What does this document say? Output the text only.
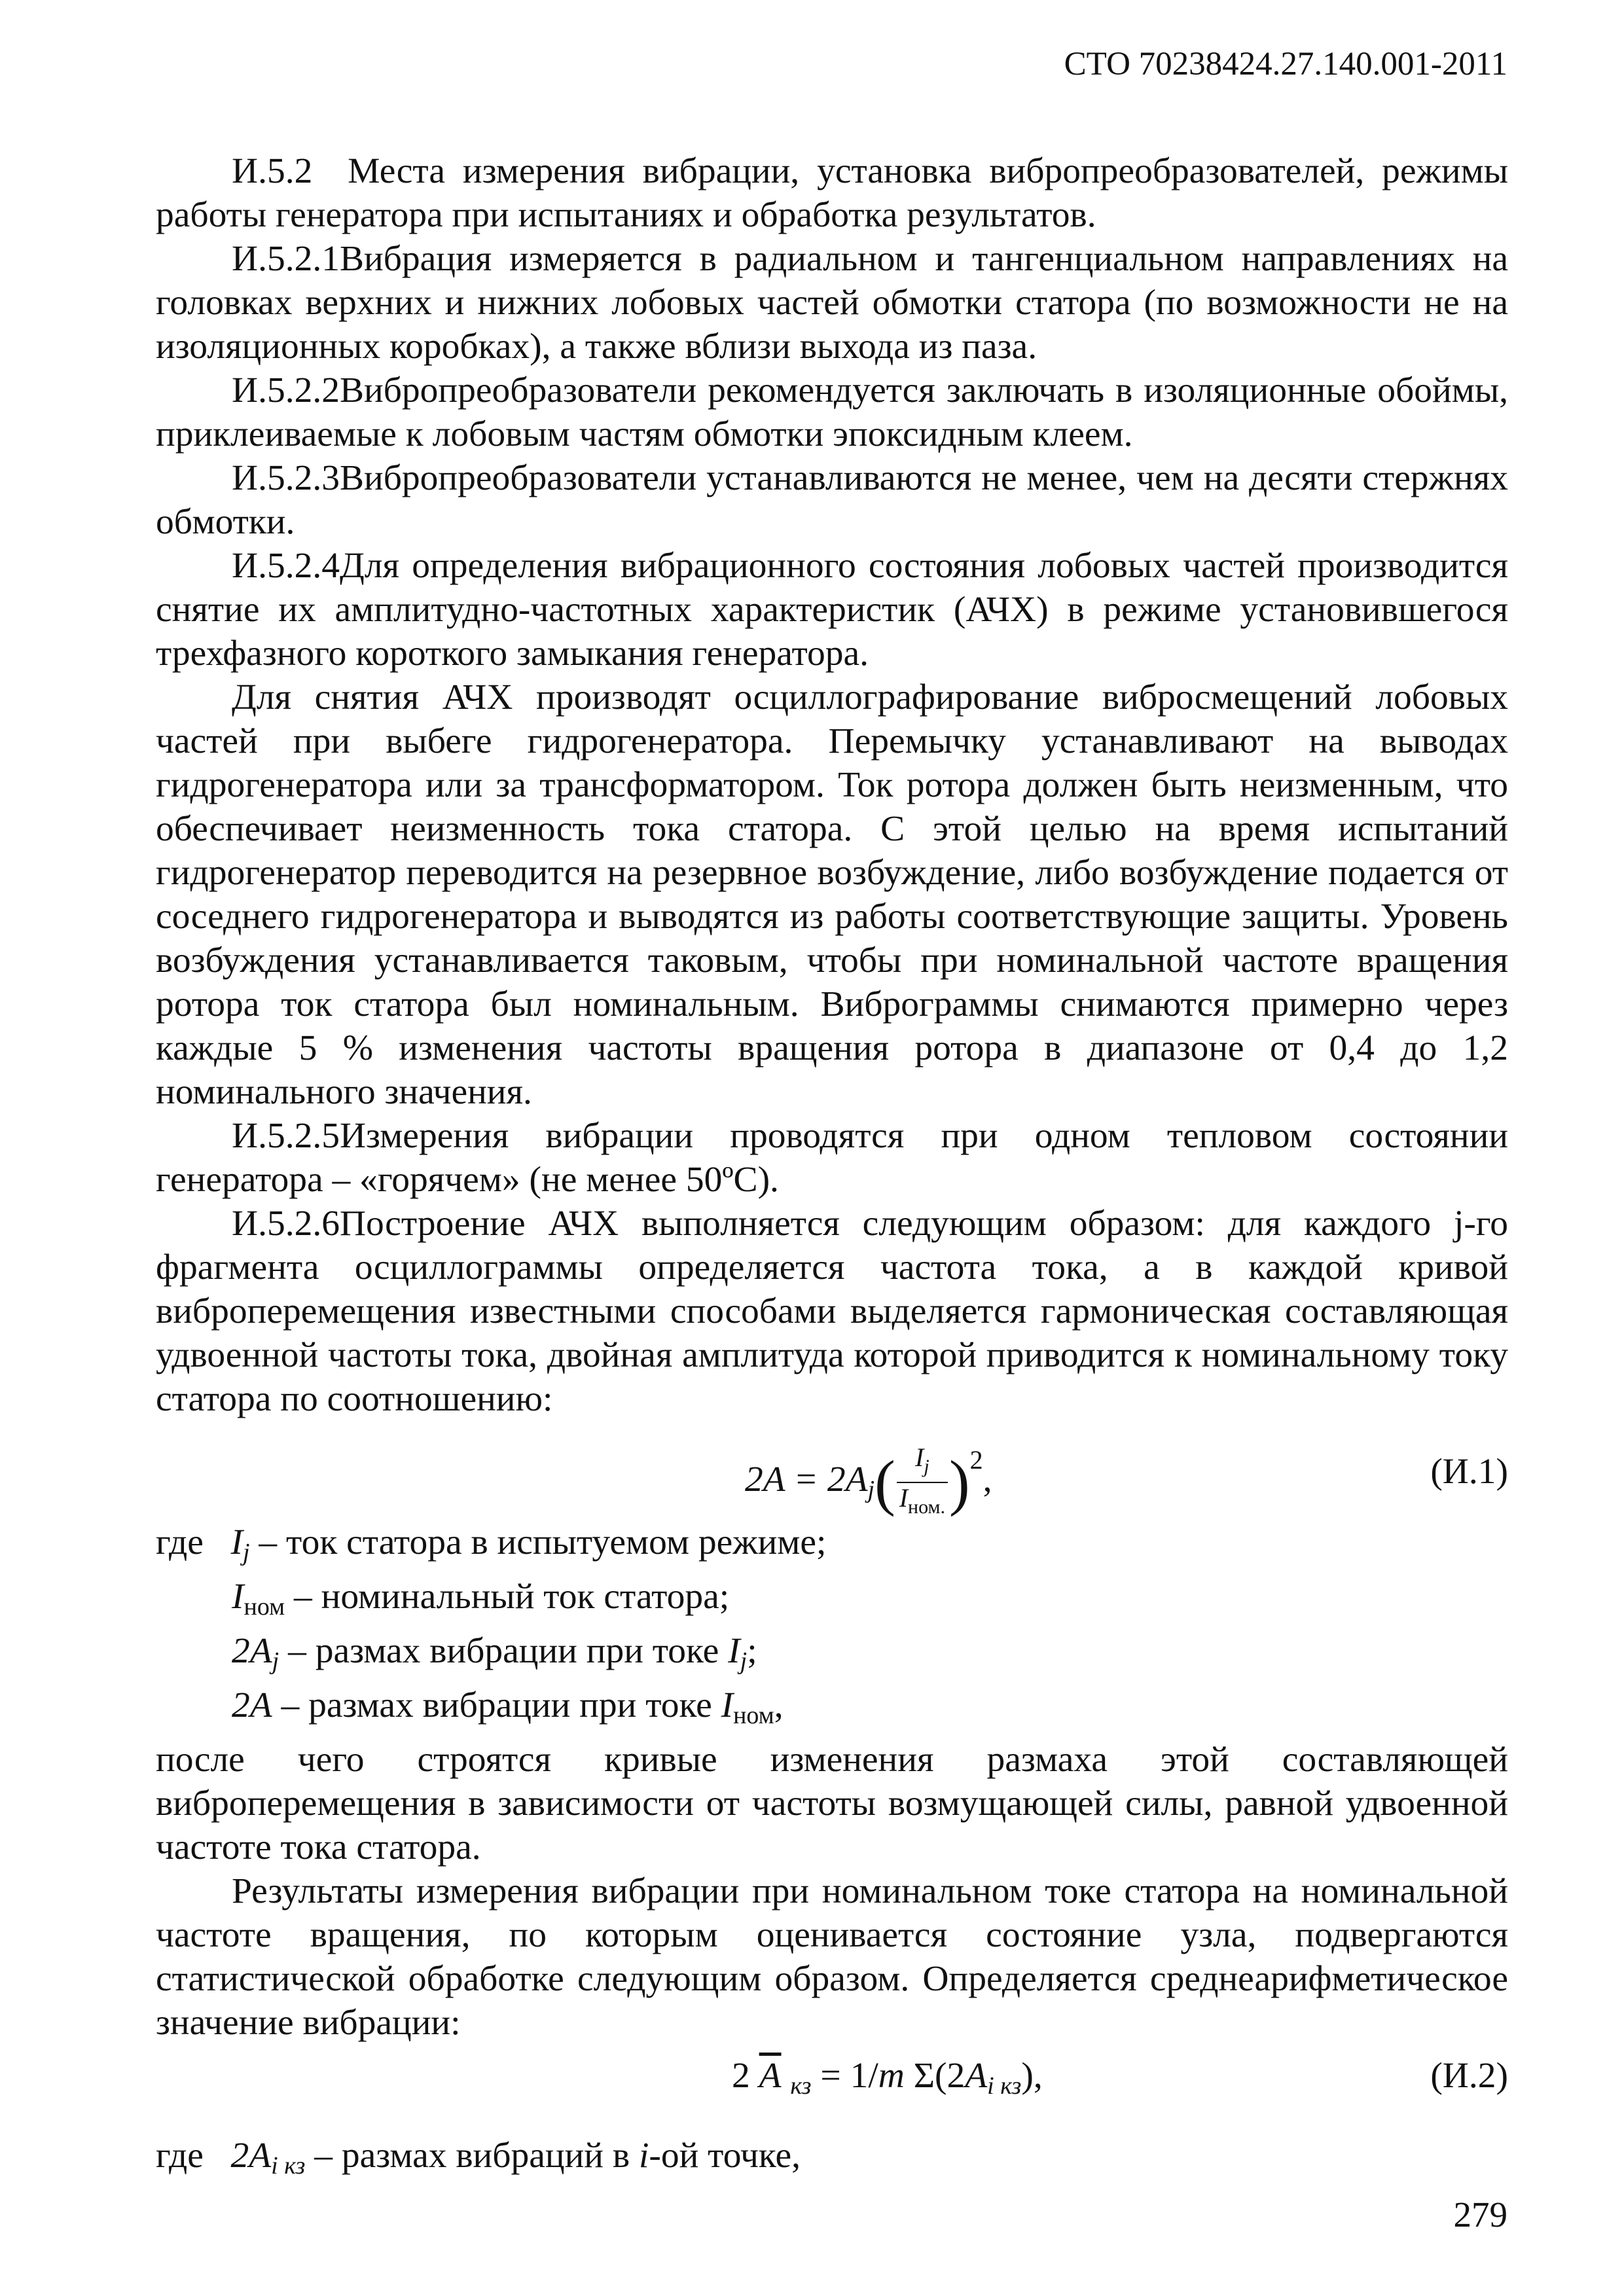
СТО 70238424.27.140.001-2011

И.5.2 Места измерения вибрации, установка вибропреобразователей, режимы работы генератора при испытаниях и обработка результатов.

И.5.2.1Вибрация измеряется в радиальном и тангенциальном направлениях на головках верхних и нижних лобовых частей обмотки статора (по возможности не на изоляционных коробках), а также вблизи выхода из паза.

И.5.2.2Вибропреобразователи рекомендуется заключать в изоляционные обоймы, приклеиваемые к лобовым частям обмотки эпоксидным клеем.

И.5.2.3Вибропреобразователи устанавливаются не менее, чем на десяти стержнях обмотки.

И.5.2.4Для определения вибрационного состояния лобовых частей производится снятие их амплитудно-частотных характеристик (АЧХ) в режиме установившегося трехфазного короткого замыкания генератора.

Для снятия АЧХ производят осциллографирование вибросмещений лобовых частей при выбеге гидрогенератора. Перемычку устанавливают на выводах гидрогенератора или за трансформатором. Ток ротора должен быть неизменным, что обеспечивает неизменность тока статора. С этой целью на время испытаний гидрогенератор переводится на резервное возбуждение, либо возбуждение подается от соседнего гидрогенератора и выводятся из работы соответствующие защиты. Уровень возбуждения устанавливается таковым, чтобы при номинальной частоте вращения ротора ток статора был номинальным. Виброграммы снимаются примерно через каждые 5 % изменения частоты вращения ротора в диапазоне от 0,4 до 1,2 номинального значения.

И.5.2.5Измерения вибрации проводятся при одном тепловом состоянии генератора – «горячем» (не менее 50ºС).

И.5.2.6Построение АЧХ выполняется следующим образом: для каждого j-го фрагмента осциллограммы определяется частота тока, а в каждой кривой виброперемещения известными способами выделяется гармоническая составляющая удвоенной частоты тока, двойная амплитуда которой приводится к номинальному току статора по соотношению:

$2A = 2A_j( \frac{I_j}{I_{ном.}} )^2$,	(И.1)

где $I_j$ – ток статора в испытуемом режиме;

$I_{ном}$ – номинальный ток статора;

$2A_j$ – размах вибрации при токе $I_j$;

2A – размах вибрации при токе $I_{ном}$,

после чего строятся кривые изменения размаха этой составляющей виброперемещения в зависимости от частоты возмущающей силы, равной удвоенной частоте тока статора.

Результаты измерения вибрации при номинальном токе статора на номинальной частоте вращения, по которым оценивается состояние узла, подвергаются статистической обработке следующим образом. Определяется среднеарифметическое значение вибрации:

2 $\overline{A}$ $_{кз}$ = 1/m $\Sigma(2A_{i кз})$,	(И.2)

где $2A_{i кз}$ – размах вибраций в i-ой точке,

279
